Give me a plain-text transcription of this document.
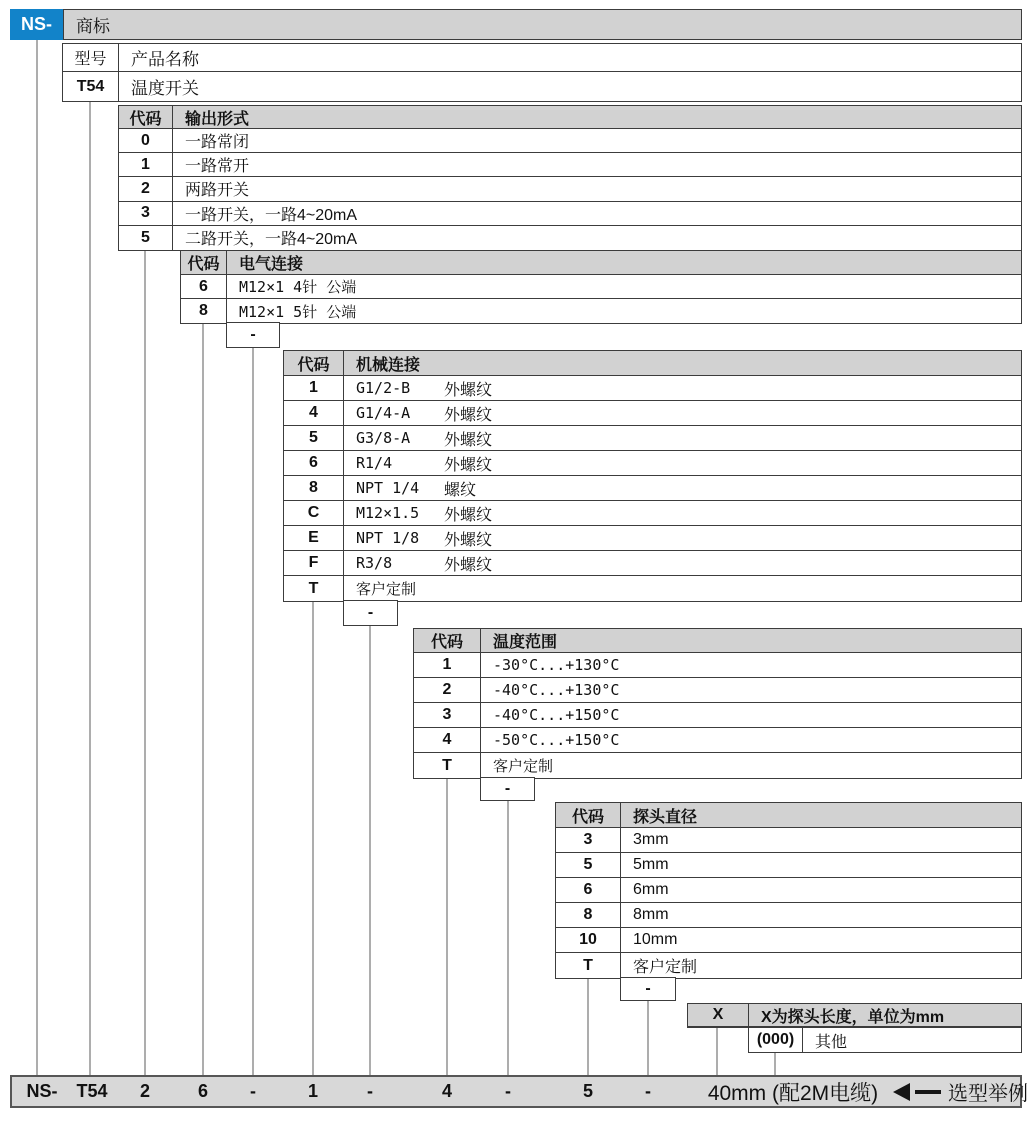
NS-	商标
型号	产品名称
T54	温度开关
X	X为探头长度，单位为mm
(000)	其他
40mm (配2M电缆)	选型举例
NS- T54 2	6 -	1	-	4	-	5	-
代码	输出形式
0	一路常闭
1	一路常开
2	两路开关
3	一路开关，一路4~20mA
5	二路开关，一路4~20mA
代码	电气连接
6	M12×1 4针 公端
8	M12×1 5针 公端
-
代码	机械连接
1	G1/2-B	外螺纹
4	G1/4-A	外螺纹
5	G3/8-A	外螺纹
6	R1/4	外螺纹
8	NPT 1/4	螺纹
C	M12×1.5	外螺纹
E	NPT 1/8	外螺纹
F	R3/8	外螺纹
T	客户定制
-
代码	温度范围
1	-30°C...+130°C
2	-40°C...+130°C
3	-40°C...+150°C
4	-50°C...+150°C
T	客户定制
-
代码	探头直径
3	3mm
5	5mm
6	6mm
8	8mm
10	10mm
T	客户定制
-
